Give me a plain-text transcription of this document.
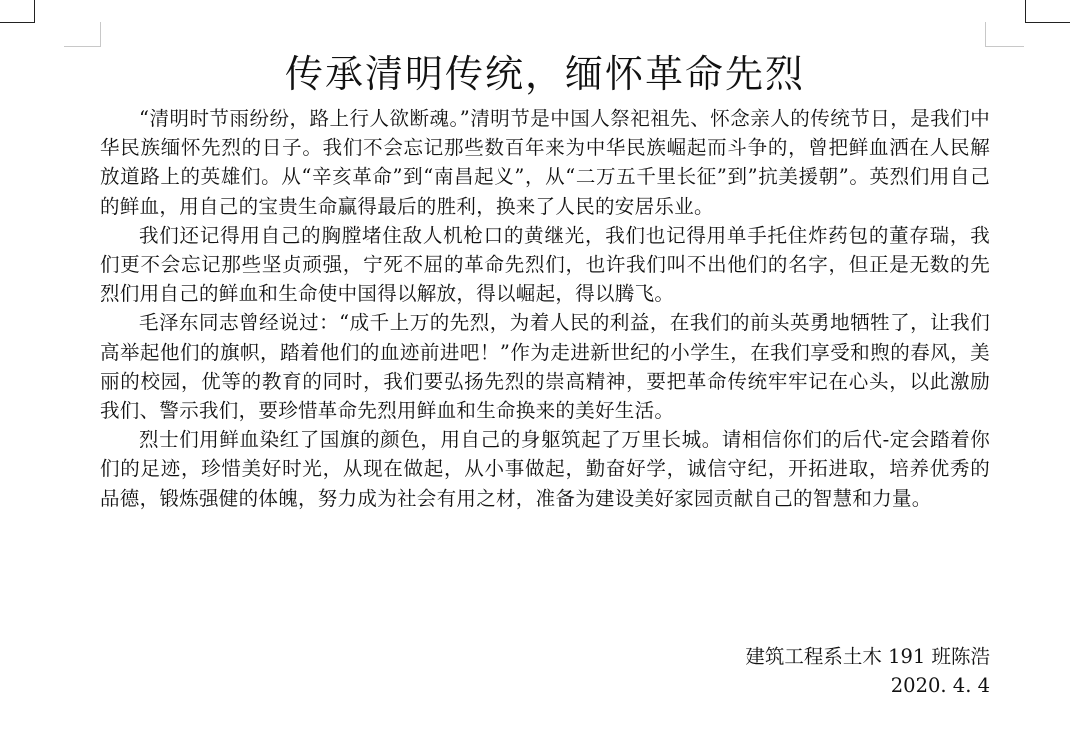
传承清明传统，缅怀革命先烈

“清明时节雨纷纷，路上行人欲断魂。”清明节是中国人祭祀祖先、怀念亲人的传统节日，是我们中华民族缅怀先烈的日子。我们不会忘记那些数百年来为中华民族崛起而斗争的，曾把鲜血洒在人民解放道路上的英雄们。从“辛亥革命”到“南昌起义”，从“二万五千里长征”到”抗美援朝”。英烈们用自己的鲜血，用自己的宝贵生命赢得最后的胜利，换来了人民的安居乐业。

我们还记得用自己的胸膛堵住敌人机枪口的黄继光，我们也记得用单手托住炸药包的董存瑞，我们更不会忘记那些坚贞顽强，宁死不屈的革命先烈们，也许我们叫不出他们的名字，但正是无数的先烈们用自己的鲜血和生命使中国得以解放，得以崛起，得以腾飞。

毛泽东同志曾经说过：“成千上万的先烈，为着人民的利益，在我们的前头英勇地牺牲了，让我们高举起他们的旗帜，踏着他们的血迹前进吧！”作为走进新世纪的小学生，在我们享受和煦的春风，美丽的校园，优等的教育的同时，我们要弘扬先烈的崇高精神，要把革命传统牢牢记在心头，以此激励我们、警示我们，要珍惜革命先烈用鲜血和生命换来的美好生活。

烈士们用鲜血染红了国旗的颜色，用自己的身躯筑起了万里长城。请相信你们的后代-定会踏着你们的足迹，珍惜美好时光，从现在做起，从小事做起，勤奋好学，诚信守纪，开拓进取，培养优秀的品德，锻炼强健的体魄，努力成为社会有用之材，准备为建设美好家园贡献自己的智慧和力量。

建筑工程系土木 191 班陈浩
2020. 4. 4
